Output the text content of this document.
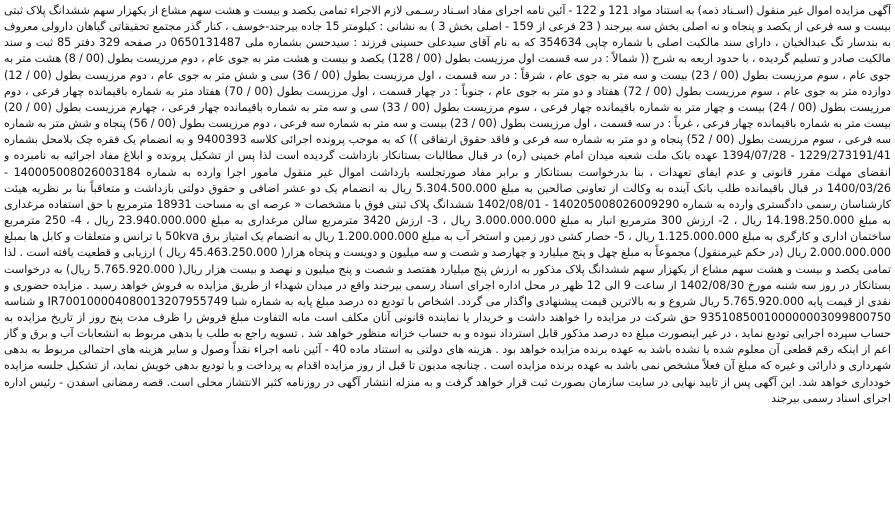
آگهی مزایده اموال غیر منقول (اسـناد ذمه) به استناد مواد 121 و 122 - آئین نامه اجرای مفاد اسـناد رسـمی لازم الاجراء تمامی یکصد و بیست و هشت سهم مشاع از یکهزار سهم ششدانگ پلاک ثبتی بیست و سه فرعی از یکصد و پنجاه و نه اصلی بخش سه بیرجند ( 23 فرعی از 159 - اصلی بخش 3 ) به نشانی : کیلومتر 15 جاده بیرجند-خوسف ، کنار گذر مجتمع تحقیقاتی گیاهان دارولی معروف به بندسار تگ عبدالخیان ، دارای سند مالکیت اصلی با شماره چاپی 354634 که به نام آقای سیدعلی حسینی فرزند : سیدحسن بشماره ملی 0650131487 در صفحه 329 دفتر 85 ثبت و سند مالکیت صادر و تسلیم گردیده ، با حدود اربعه به شرح (( شمالاً : در سه قسمت اول مرزیست بطول (00 / 128) یکصد و بیست و هشت متر به جوی عام ، دوم مرزیست بطول (00 / 8) هشت متر به جوی عام ، سوم مرزیست بطول (00 / 23) بیست و سه متر به جوی عام ، شرقاً : در سه قسمت ، اول مرزیست بطول (00 / 36) سی و شش متر به جوی عام ، دوم مرزیست بطول (00 / 12) دوازده متر به جوی عام ، سوم مرزیست بطول (00 / 72) هفتاد و دو متر به جوی عام ، جنوباً : در چهار قسمت ، اول مرزیست بطول (00 / 70) هفتاد متر به شماره باقیمانده چهار فرعی ، دوم مرزیست بطول (00 / 24) بیست و چهار متر به شماره باقیمانده چهار فرعی ، سوم مرزیست بطول (00 / 33) سی و سه متر به شماره باقیمانده چهار فرعی ، چهارم مرزیست بطول (00 / 20) بیست متر به شماره باقیمانده چهار فرعی ، غرباً : در سه قسمت ، اول مرزیست بطول (00 / 23) بیست و سه متر به شماره سه فرعی ، دوم مرزیست بطول (00 / 56) پنجاه و شش متر به شماره سه فرعی ، سوم مرزیست بطول (00 / 52) پنجاه و دو متر به شماره سه فرعی و فاقد حقوق ارتفاقی )) که به موجب پرونده اجرائی کلاسه 9400393 و به انضمام یک فقره چک بلامحل بشماره 1229/273191/41 - 1394/07/28 عهده بانک ملت شعبه میدان امام خمینی (ره) در قبال مطالبات بستانکار بازداشت گردیده است لذا پس از تشکیل پرونده و ابلاغ مفاد اجرائیه به نامبرده و انقضای مهلت مقرر قانونی و عدم ایفای تعهدات ، بنا بدرخواست بستانکار و برابر مفاد صورتجلسه بازداشت اموال غیر منقول مامور اجرا وارده به شماره 140005008026003184 - 1400/03/26 در قبال باقیمانده طلب بانک آینده به وکالت از تعاونی صالحین به مبلغ 5.304.500.000 ریال به انضمام یک دو عشر اضافی و حقوق دولتی بازداشت و متعاقباً بنا بر نظریه هیئت کارشناسان رسمی دادگستری وارده به شماره 140205008026009290 - 1402/08/01 ششدانگ پلاک ثبتی فوق با مشخصات « عرصه ای به مساحت 18931 مترمربع با حق استفاده مرغداری به مبلغ 14.198.250.000 ریال ، 2- ارزش 300 مترمربع انبار به مبلغ 3.000.000.000 ریال ، 3- ارزش 3420 مترمربع سالن مرغداری به مبلغ 23.940.000.000 ریال ، 4- 250 مترمربع ساختمان اداری و کارگری به مبلغ 1.125.000.000 ریال ، 5- حصار کشی دور زمین و استخر آب به مبلغ 1.200.000.000 ریال به انضمام یک امتیاز برق 50kva با ترانس و متعلقات و کابل ها بمبلغ 2.000.000.000 ریال (در حکم غیرمنقول) مجموعاً به مبلغ چهل و پنج میلیارد و چهارصد و شصت و سه میلیون و دویست و پنجاه هزار( 45.463.250.000 ریال ) ارزیابی و قطعیت یافته است . لذا تمامی یکصد و بیست و هشت سهم مشاع از یکهزار سهم ششدانگ پلاک مذکور به ارزش پنج میلیارد هفتصد و شصت و پنج میلیون و نهصد و بیست هزار ریال( 5.765.920.000 ریال) به درخواست بستانکار در روز سه شنبه مورخ 1402/08/30 از ساعت 9 الی 12 ظهر در محل اداره اجرای اسناد رسمی بیرجند واقع در میدان شهداء از طریق مزایده به فروش خواهد رسید . مزایده حضوری و نقدی از قیمت پایه 5.765.920.000 ریال شروع و به بالاترین قیمت پیشنهادی واگذار می گردد. اشخاص با تودیع ده درصد مبلغ پایه به شماره شبا IR700100004080013207955749 و شناسه 935108500100000003099800750 حق شرکت در مزایده را خواهند داشت و خریدار یا نماینده قانونی آنان مکلف است مابه التفاوت مبلغ فروش را ظرف مدت پنج روز از تاریخ مزایده به حساب سپرده اجرایی تودیع نماید ، در غیر اینصورت مبلغ ده درصد مذکور قابل استرداد نبوده و به حساب خزانه منظور خواهد شد . تسویه راجع به طلب یا بدهی مربوط به انشعابات آب و برق و گاز اعم از اینکه رقم قطعی آن معلوم شده یا نشده باشد به عهده برنده مزایده خواهد بود . هزینه های دولتی به استناد ماده 40 - آئین نامه اجراء نقداً وصول و سایر هزینه های احتمالی مربوط به بدهی شهرداری و دارائی و غیره که مبلغ آن فعلاً مشخص نمی باشد به عهده برنده مزایده است . چنانچه مدیون تا قبل از روز مزایده اقدام به پرداخت و یا تودیع بدهی خویش نماید، از تشکیل جلسه مزایده خودداری خواهد شد. این آگهی پس از تایید نهایی در سایت سازمان بصورت ثبت قرار خواهد گرفت و به منزله انتشار آگهی در روزنامه کثیر الانتشار محلی است. قصه رمضانی اسفدن - رئیس اداره اجرای اسناد رسمی بیرجند
